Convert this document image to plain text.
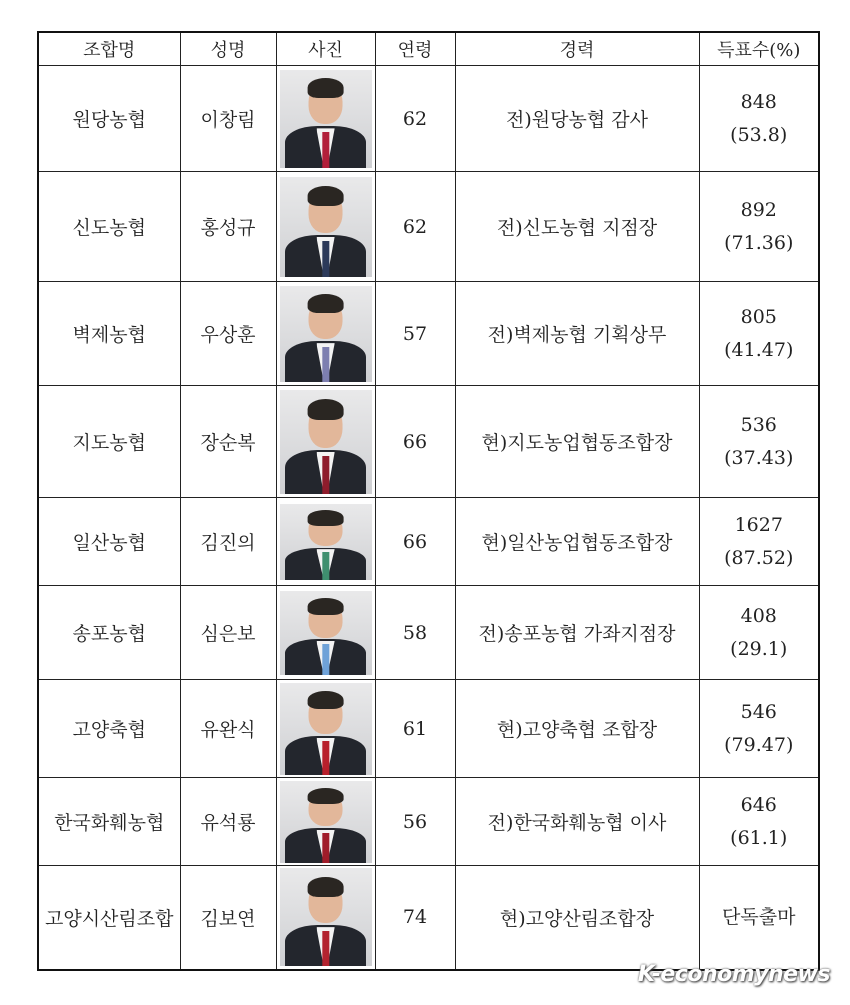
조합명	성명	사진	연령	경력	득표수(%)
원당농협	이창림		62	전)원당농협 감사	848
(53.8)

신도농협	홍성규		62	전)신도농협 지점장	892
(71.36)

벽제농협	우상훈		57	전)벽제농협 기획상무	805
(41.47)

지도농협	장순복		66	현)지도농업협동조합장	536
(37.43)

일산농협	김진의		66	현)일산농업협동조합장	1627
(87.52)

송포농협	심은보		58	전)송포농협 가좌지점장	408
(29.1)

고양축협	유완식		61	현)고양축협 조합장	546
(79.47)

한국화훼농협	유석룡		56	전)한국화훼농협 이사	646
(61.1)

고양시산림조합	김보연		74	현)고양산림조합장	단독출마
K-economynews
